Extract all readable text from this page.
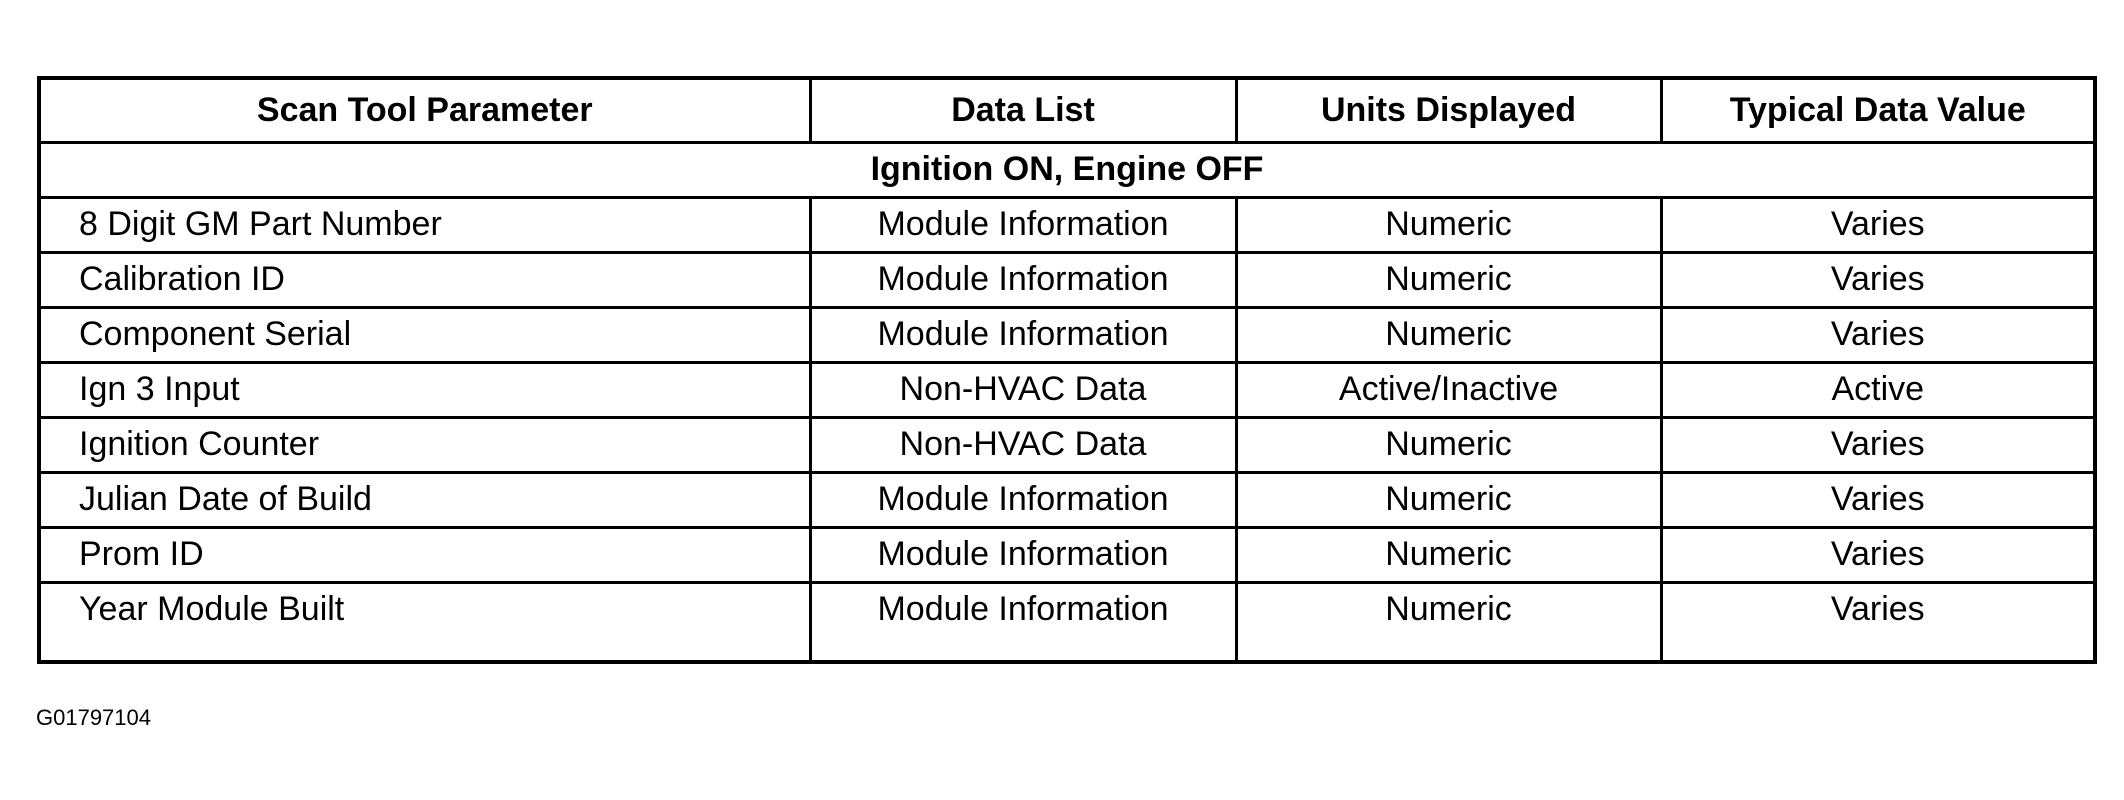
Scan Tool Parameter	Data List	Units Displayed	Typical Data Value
Ignition ON, Engine OFF			
8 Digit GM Part Number	Module Information	Numeric	Varies
Calibration ID	Module Information	Numeric	Varies
Component Serial	Module Information	Numeric	Varies
Ign 3 Input	Non-HVAC Data	Active/Inactive	Active
Ignition Counter	Non-HVAC Data	Numeric	Varies
Julian Date of Build	Module Information	Numeric	Varies
Prom ID	Module Information	Numeric	Varies
Year Module Built	Module Information	Numeric	Varies
G01797104
